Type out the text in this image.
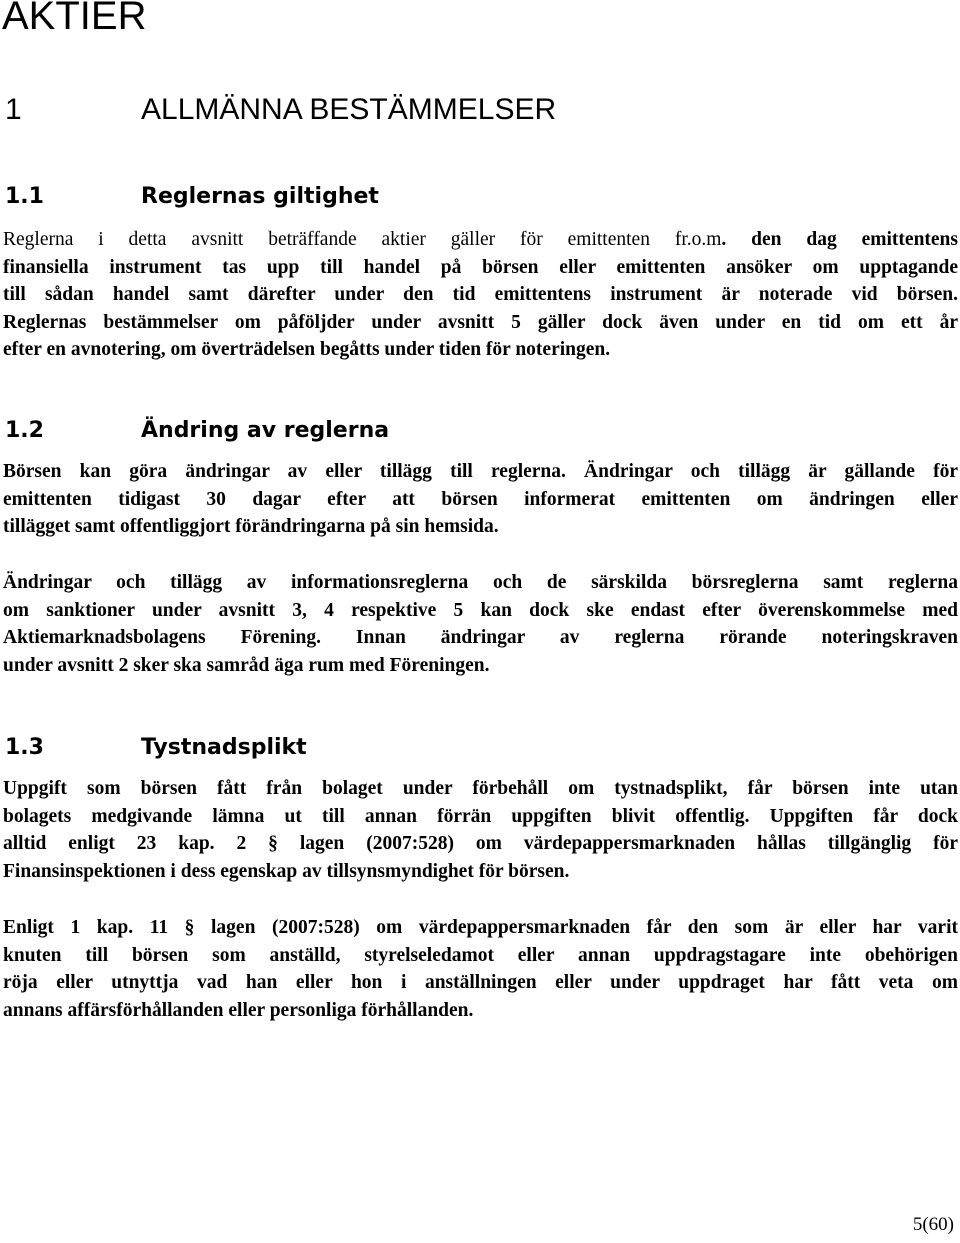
AKTIER
1	ALLMÄNNA BESTÄMMELSER
1.1	Reglernas giltighet

Reglerna i detta avsnitt beträffande aktier gäller för emittenten fr.o.m. den dag emittentens
finansiella instrument tas upp till handel på börsen eller emittenten ansöker om upptagande
till sådan handel samt därefter under den tid emittentens instrument är noterade vid börsen.
Reglernas bestämmelser om påföljder under avsnitt 5 gäller dock även under en tid om ett år
efter en avnotering, om överträdelsen begåtts under tiden för noteringen.

1.2	Ändring av reglerna

Börsen kan göra ändringar av eller tillägg till reglerna. Ändringar och tillägg är gällande för
emittenten tidigast 30 dagar efter att börsen informerat emittenten om ändringen eller
tillägget samt offentliggjort förändringarna på sin hemsida.

Ändringar och tillägg av informationsreglerna och de särskilda börsreglerna samt reglerna
om sanktioner under avsnitt 3, 4 respektive 5 kan dock ske endast efter överenskommelse med
Aktiemarknadsbolagens Förening. Innan ändringar av reglerna rörande noteringskraven
under avsnitt 2 sker ska samråd äga rum med Föreningen.

1.3	Tystnadsplikt

Uppgift som börsen fått från bolaget under förbehåll om tystnadsplikt, får börsen inte utan
bolagets medgivande lämna ut till annan förrän uppgiften blivit offentlig. Uppgiften får dock
alltid enligt 23 kap. 2 § lagen (2007:528) om värdepappersmarknaden hållas tillgänglig för
Finansinspektionen i dess egenskap av tillsynsmyndighet för börsen.

Enligt 1 kap. 11 § lagen (2007:528) om värdepappersmarknaden får den som är eller har varit
knuten till börsen som anställd, styrelseledamot eller annan uppdragstagare inte obehörigen
röja eller utnyttja vad han eller hon i anställningen eller under uppdraget har fått veta om
annans affärsförhållanden eller personliga förhållanden.

5(60)
